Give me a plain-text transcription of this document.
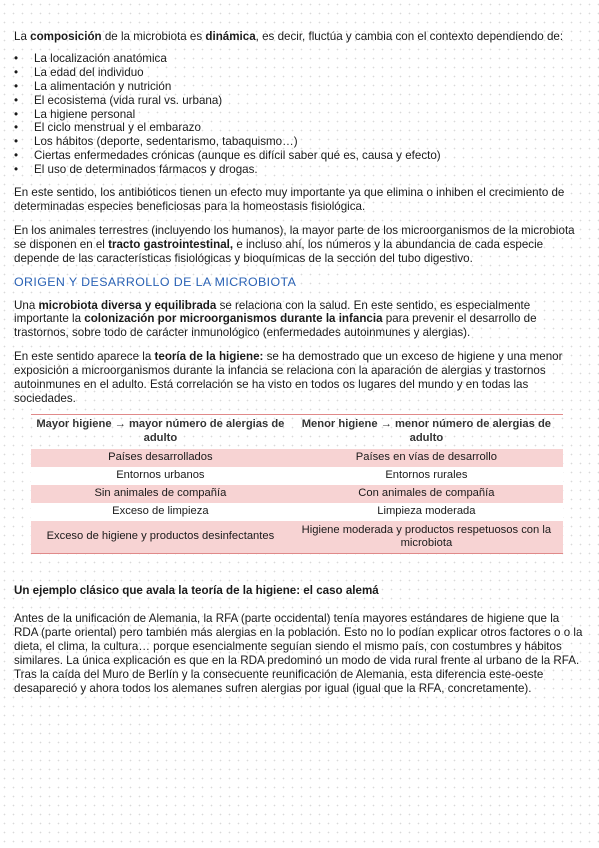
La composición de la microbiota es dinámica, es decir, fluctúa y cambia con el contexto dependiendo de:

• La localización anatómica
• La edad del individuo
• La alimentación y nutrición
• El ecosistema (vida rural vs. urbana)
• La higiene personal
• El ciclo menstrual y el embarazo
• Los hábitos (deporte, sedentarismo, tabaquismo…)
• Ciertas enfermedades crónicas (aunque es difícil saber qué es, causa y efecto)
• El uso de determinados fármacos y drogas.

En este sentido, los antibióticos tienen un efecto muy importante ya que elimina o inhiben el crecimiento de determinadas especies beneficiosas para la homeostasis fisiológica.

En los animales terrestres (incluyendo los humanos), la mayor parte de los microorganismos de la microbiota se disponen en el tracto gastrointestinal, e incluso ahí, los números y la abundancia de cada especie depende de las características fisiológicas y bioquímicas de la sección del tubo digestivo.

ORIGEN Y DESARROLLO DE LA MICROBIOTA

Una microbiota diversa y equilibrada se relaciona con la salud. En este sentido, es especialmente importante la colonización por microorganismos durante la infancia para prevenir el desarrollo de trastornos, sobre todo de carácter inmunológico (enfermedades autoinmunes y alergias).

En este sentido aparece la teoría de la higiene: se ha demostrado que un exceso de higiene y una menor exposición a microorganismos durante la infancia se relaciona con la aparación de alergias y trastornos autoinmunes en el adulto. Está correlación se ha visto en todos os lugares del mundo y en todas las sociedades.

Mayor higiene → mayor número de alergias de adulto	Menor higiene → menor número de alergias de adulto
Países desarrollados	Países en vías de desarrollo
Entornos urbanos	Entornos rurales
Sin animales de compañía	Con animales de compañía
Exceso de limpieza	Limpieza moderada
Exceso de higiene y productos desinfectantes	Higiene moderada y productos respetuosos con la microbiota

Un ejemplo clásico que avala la teoría de la higiene: el caso alemá

Antes de la unificación de Alemania, la RFA (parte occidental) tenía mayores estándares de higiene que la RDA (parte oriental) pero también más alergias en la población. Esto no lo podían explicar otros factores o o la dieta, el clima, la cultura… porque esencialmente seguían siendo el mismo país, con costumbres y hábitos similares. La única explicación es que en la RDA predominó un modo de vida rural frente al urbano de la RFA.

Tras la caída del Muro de Berlín y la consecuente reunificación de Alemania, esta diferencia este-oeste desapareció y ahora todos los alemanes sufren alergias por igual (igual que la RFA, concretamente).
